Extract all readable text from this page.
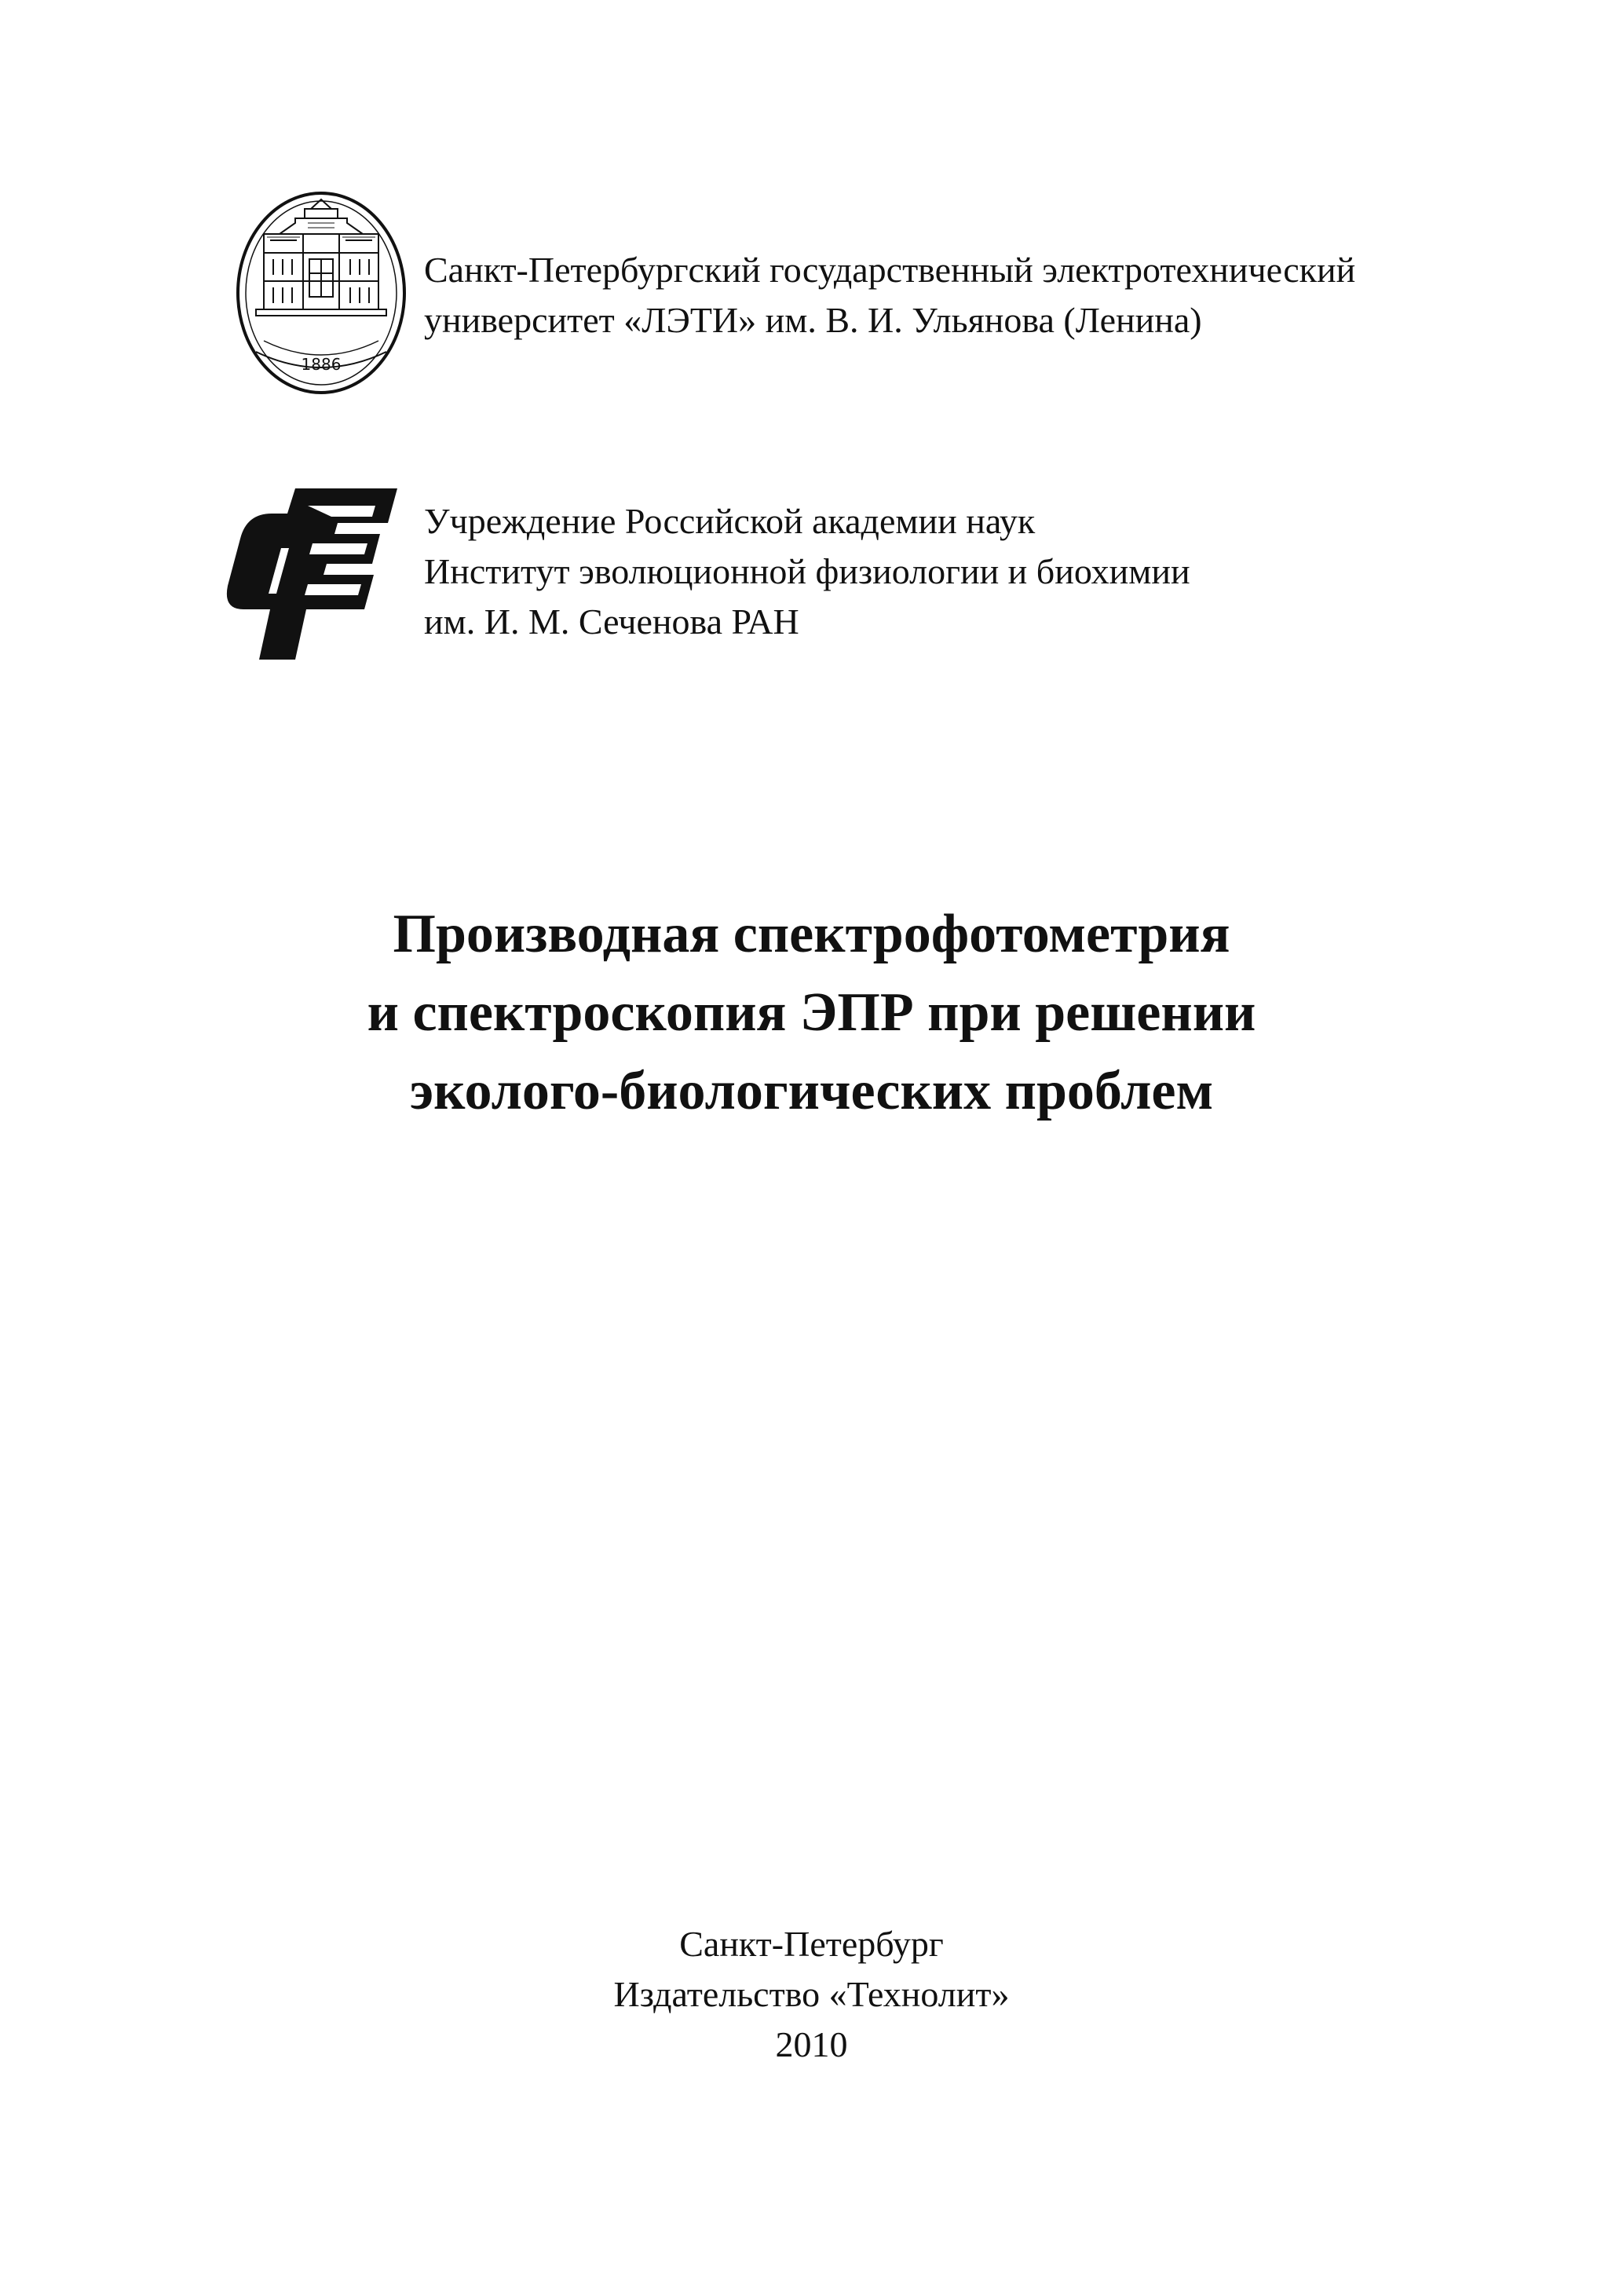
1886
Санкт-Петербургский государственный электротехнический
университет «ЛЭТИ» им. В. И. Ульянова (Ленина)
Учреждение Российской академии наук
Институт эволюционной физиологии и биохимии
им. И. М. Сеченова РАН
Производная спектрофотометрия
и спектроскопия ЭПР при решении
эколого-биологических проблем
Санкт-Петербург
Издательство «Технолит»
2010
